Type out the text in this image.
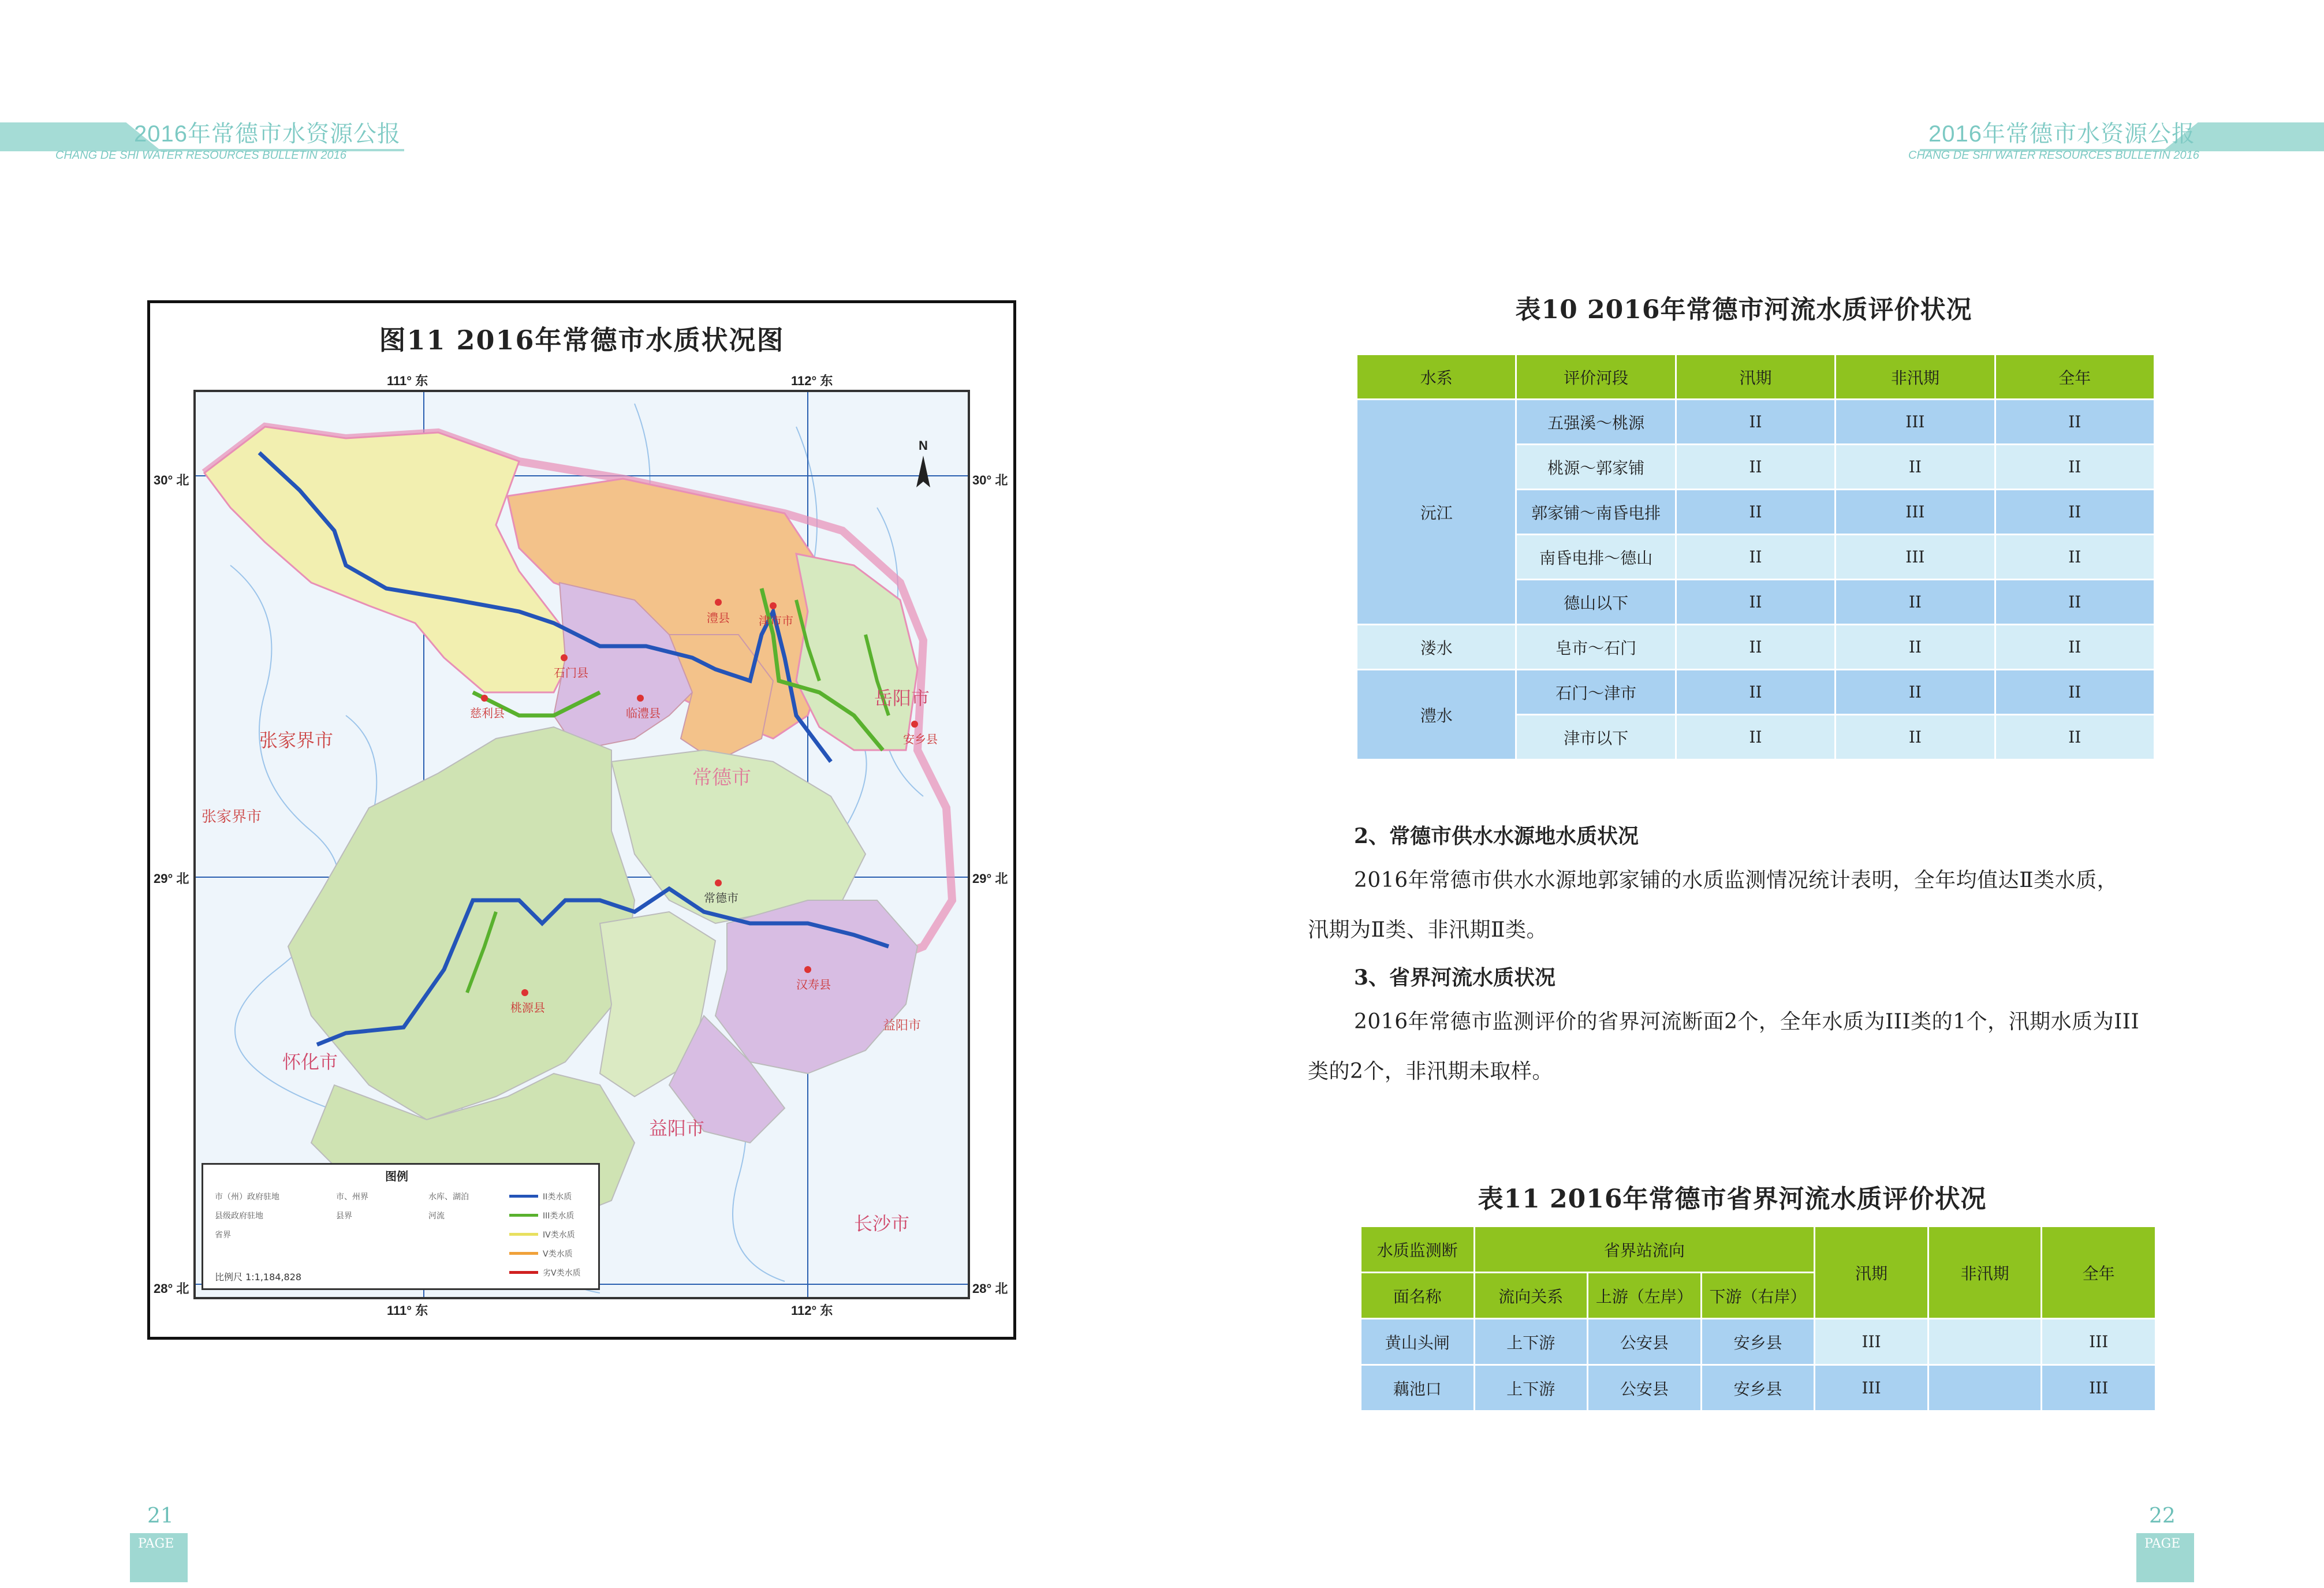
2016年常德市水资源公报
CHANG DE SHI WATER RESOURCES BULLETIN 2016
2016年常德市水资源公报
CHANG DE SHI WATER RESOURCES BULLETIN 2016
图11 2016年常德市水质状况图
111° 东	112° 东
111° 东	112° 东
30° 北
29° 北
28° 北
30° 北
29° 北
28° 北
N
岳阳市
张家界市
张家界市
常德市
常德市
怀化市
益阳市
益阳市
长沙市
澧县	津市市
石门县
临澧县
慈利县
桃源县
安乡县
汉寿县
图例
市（州）政府驻地
县级政府驻地
省界
市、州界
县界
水库、湖泊
河流
II类水质
III类水质
IV类水质
V类水质
劣V类水质
比例尺 1:1,184,828
表10 2016年常德市河流水质评价状况
水系	评价河段	汛期	非汛期	全年
沅江	五强溪～桃源	II	III	II
	桃源～郭家铺	II	II	II
	郭家铺～南昏电排	II	III	II
	南昏电排～德山	II	III	II
	德山以下	II	II	II
溇水	皂市～石门	II	II	II
澧水	石门～津市	II	II	II
	津市以下	II	II	II
2、常德市供水水源地水质状况
2016年常德市供水水源地郭家铺的水质监测情况统计表明，全年均值达Ⅱ类水质，
汛期为Ⅱ类、非汛期Ⅱ类。
3、省界河流水质状况
2016年常德市监测评价的省界河流断面2个，全年水质为III类的1个，汛期水质为III
类的2个，非汛期未取样。
表11 2016年常德市省界河流水质评价状况
水质监测断	省界站流向			汛期	非汛期	全年
面名称	流向关系	上游（左岸）	下游（右岸）			
黄山头闸	上下游	公安县	安乡县	III		III
藕池口	上下游	公安县	安乡县	III		III
21
PAGE
22
PAGE
